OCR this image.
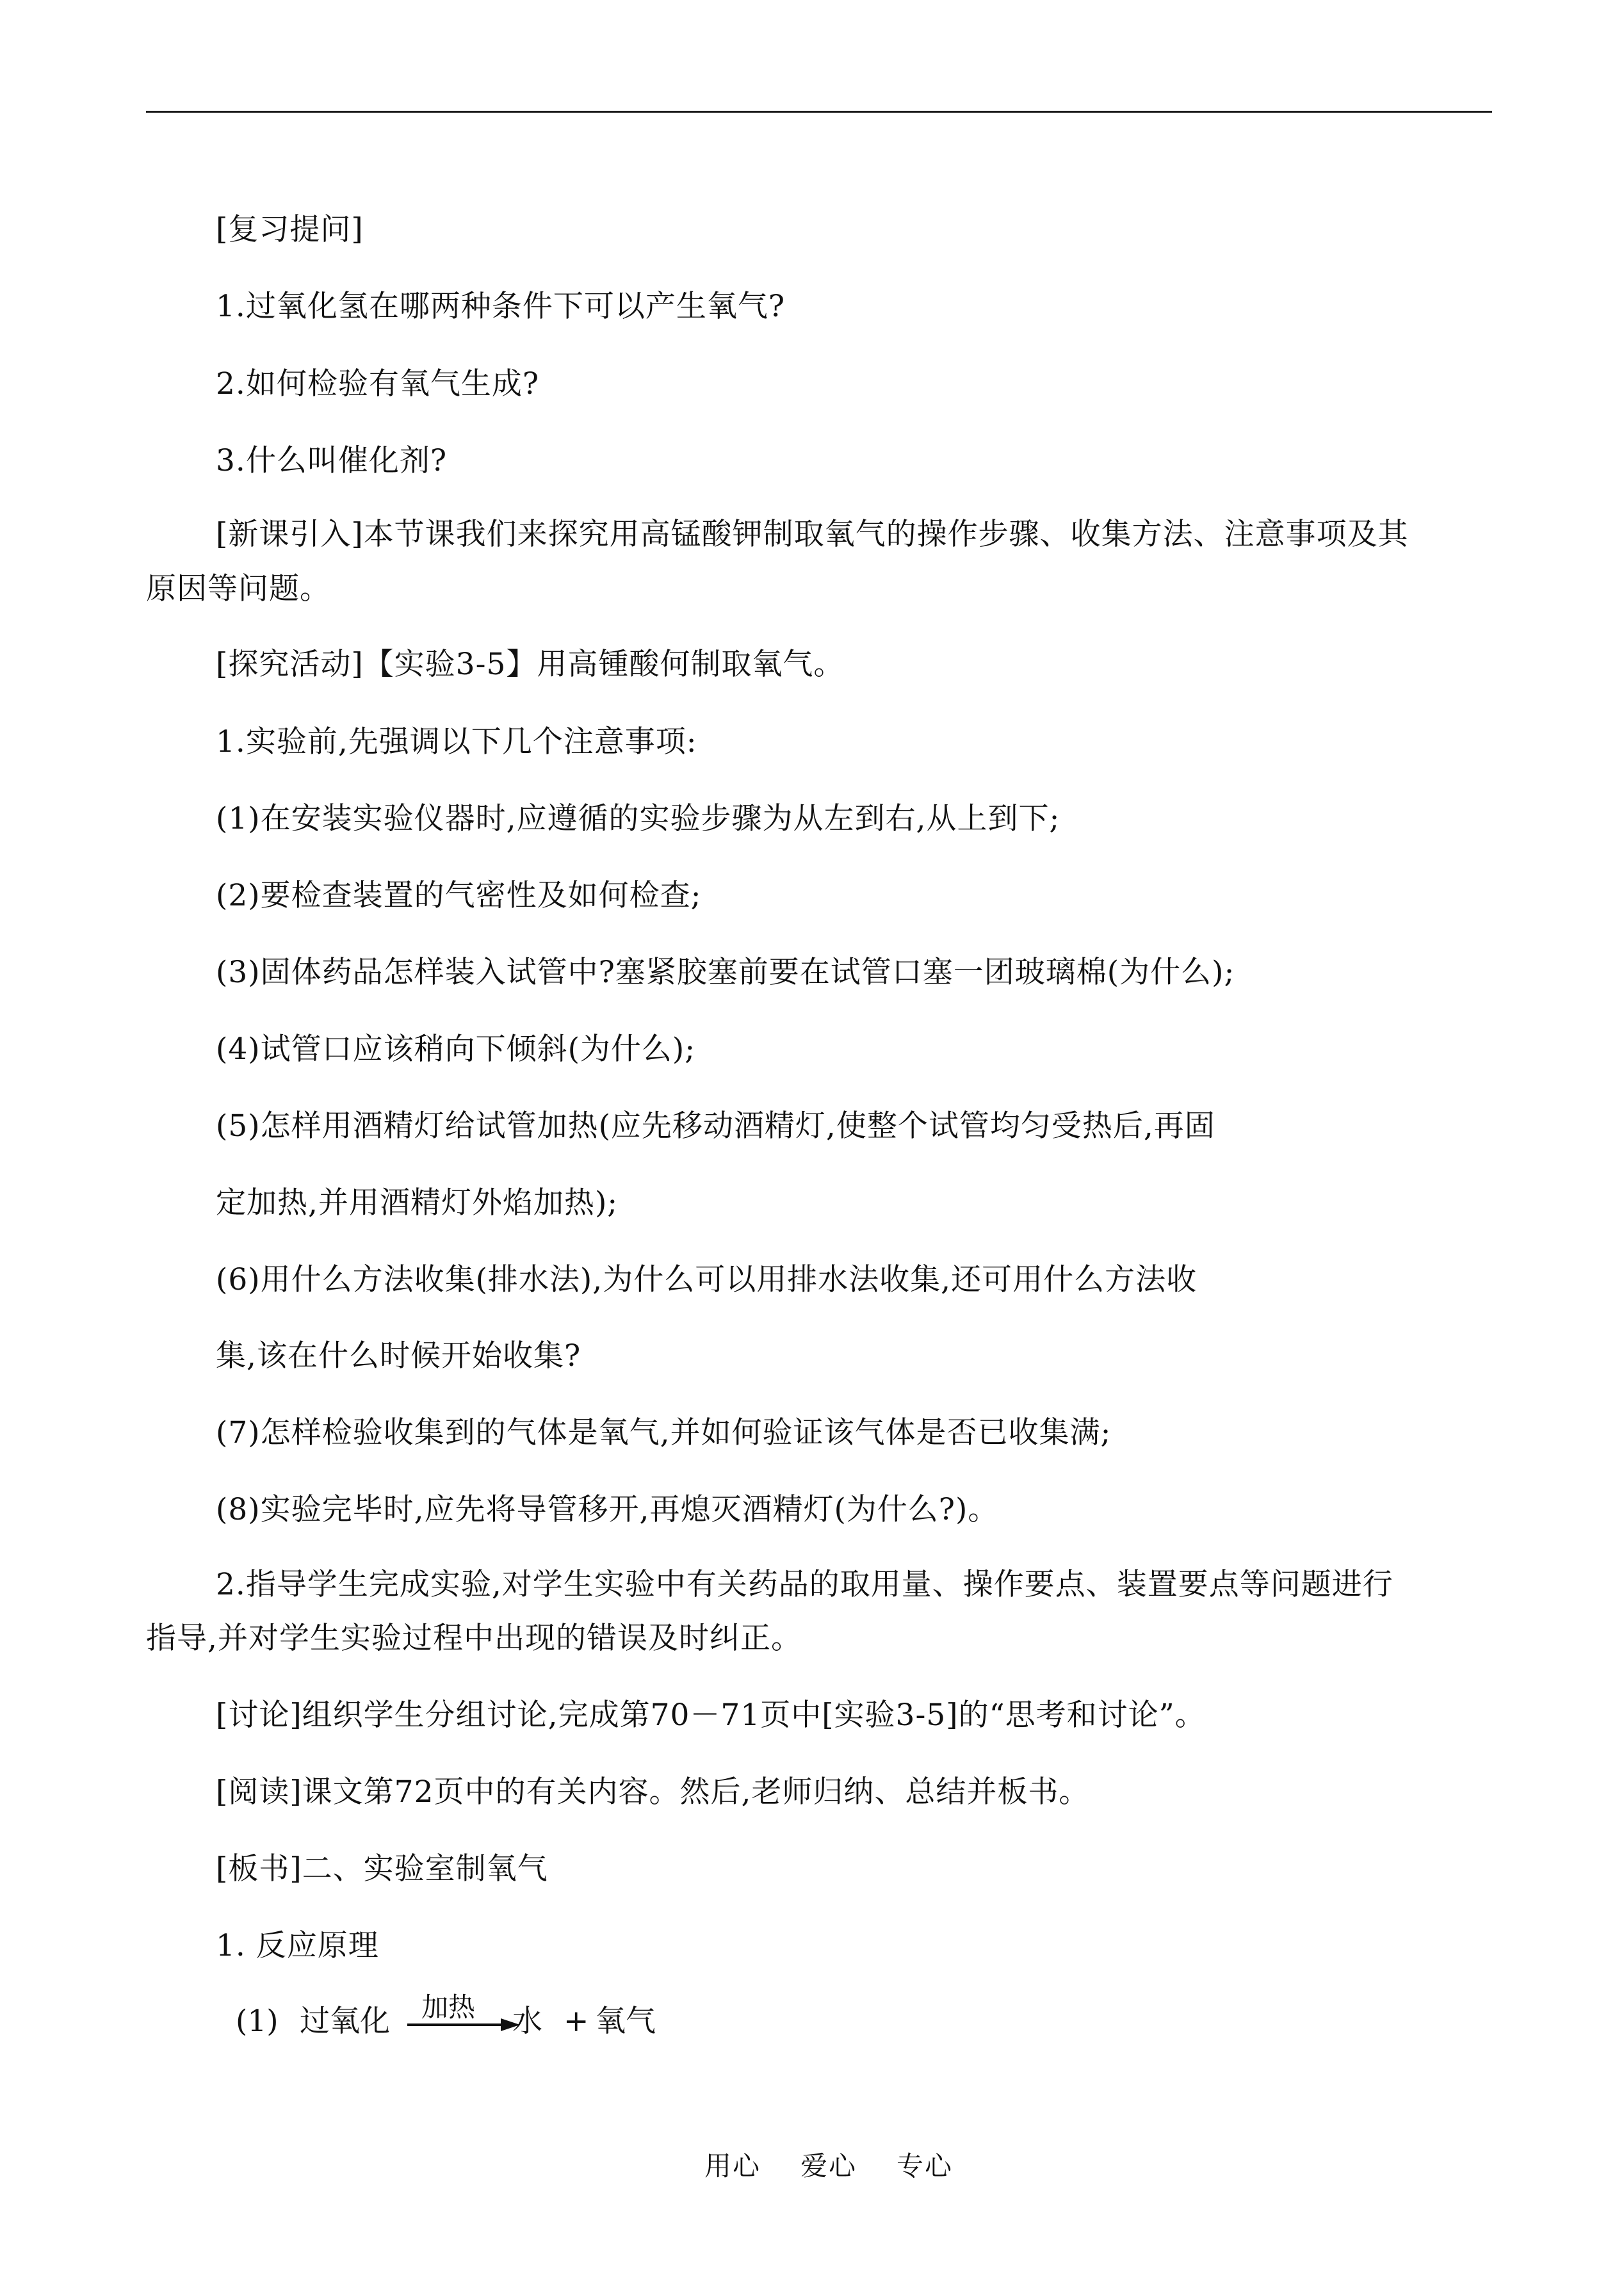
[复习提问]

1.过氧化氢在哪两种条件下可以产生氧气?

2.如何检验有氧气生成?

3.什么叫催化剂?

[新课引入]本节课我们来探究用高锰酸钾制取氧气的操作步骤、收集方法、注意事项及其

原因等问题。

[探究活动]【实验3-5】用高锺酸何制取氧气。

1.实验前,先强调以下几个注意事项:

(1)在安装实验仪器时,应遵循的实验步骤为从左到右,从上到下;

(2)要检查装置的气密性及如何检查;

(3)固体药品怎样装入试管中?塞紧胶塞前要在试管口塞一团玻璃棉(为什么);

(4)试管口应该稍向下倾斜(为什么);

(5)怎样用酒精灯给试管加热(应先移动酒精灯,使整个试管均匀受热后,再固

定加热,并用酒精灯外焰加热);

(6)用什么方法收集(排水法),为什么可以用排水法收集,还可用什么方法收

集,该在什么时候开始收集?

(7)怎样检验收集到的气体是氧气,并如何验证该气体是否已收集满;

(8)实验完毕时,应先将导管移开,再熄灭酒精灯(为什么?)。

2.指导学生完成实验,对学生实验中有关药品的取用量、操作要点、装置要点等问题进行

指导,并对学生实验过程中出现的错误及时纠正。

[讨论]组织学生分组讨论,完成第70－71页中[实验3-5]的“思考和讨论”。

[阅读]课文第72页中的有关内容。然后,老师归纳、总结并板书。

[板书]二、实验室制氧气

1. 反应原理

(1) 过氧化 加热 水 + 氧气
用心 爱心 专心
